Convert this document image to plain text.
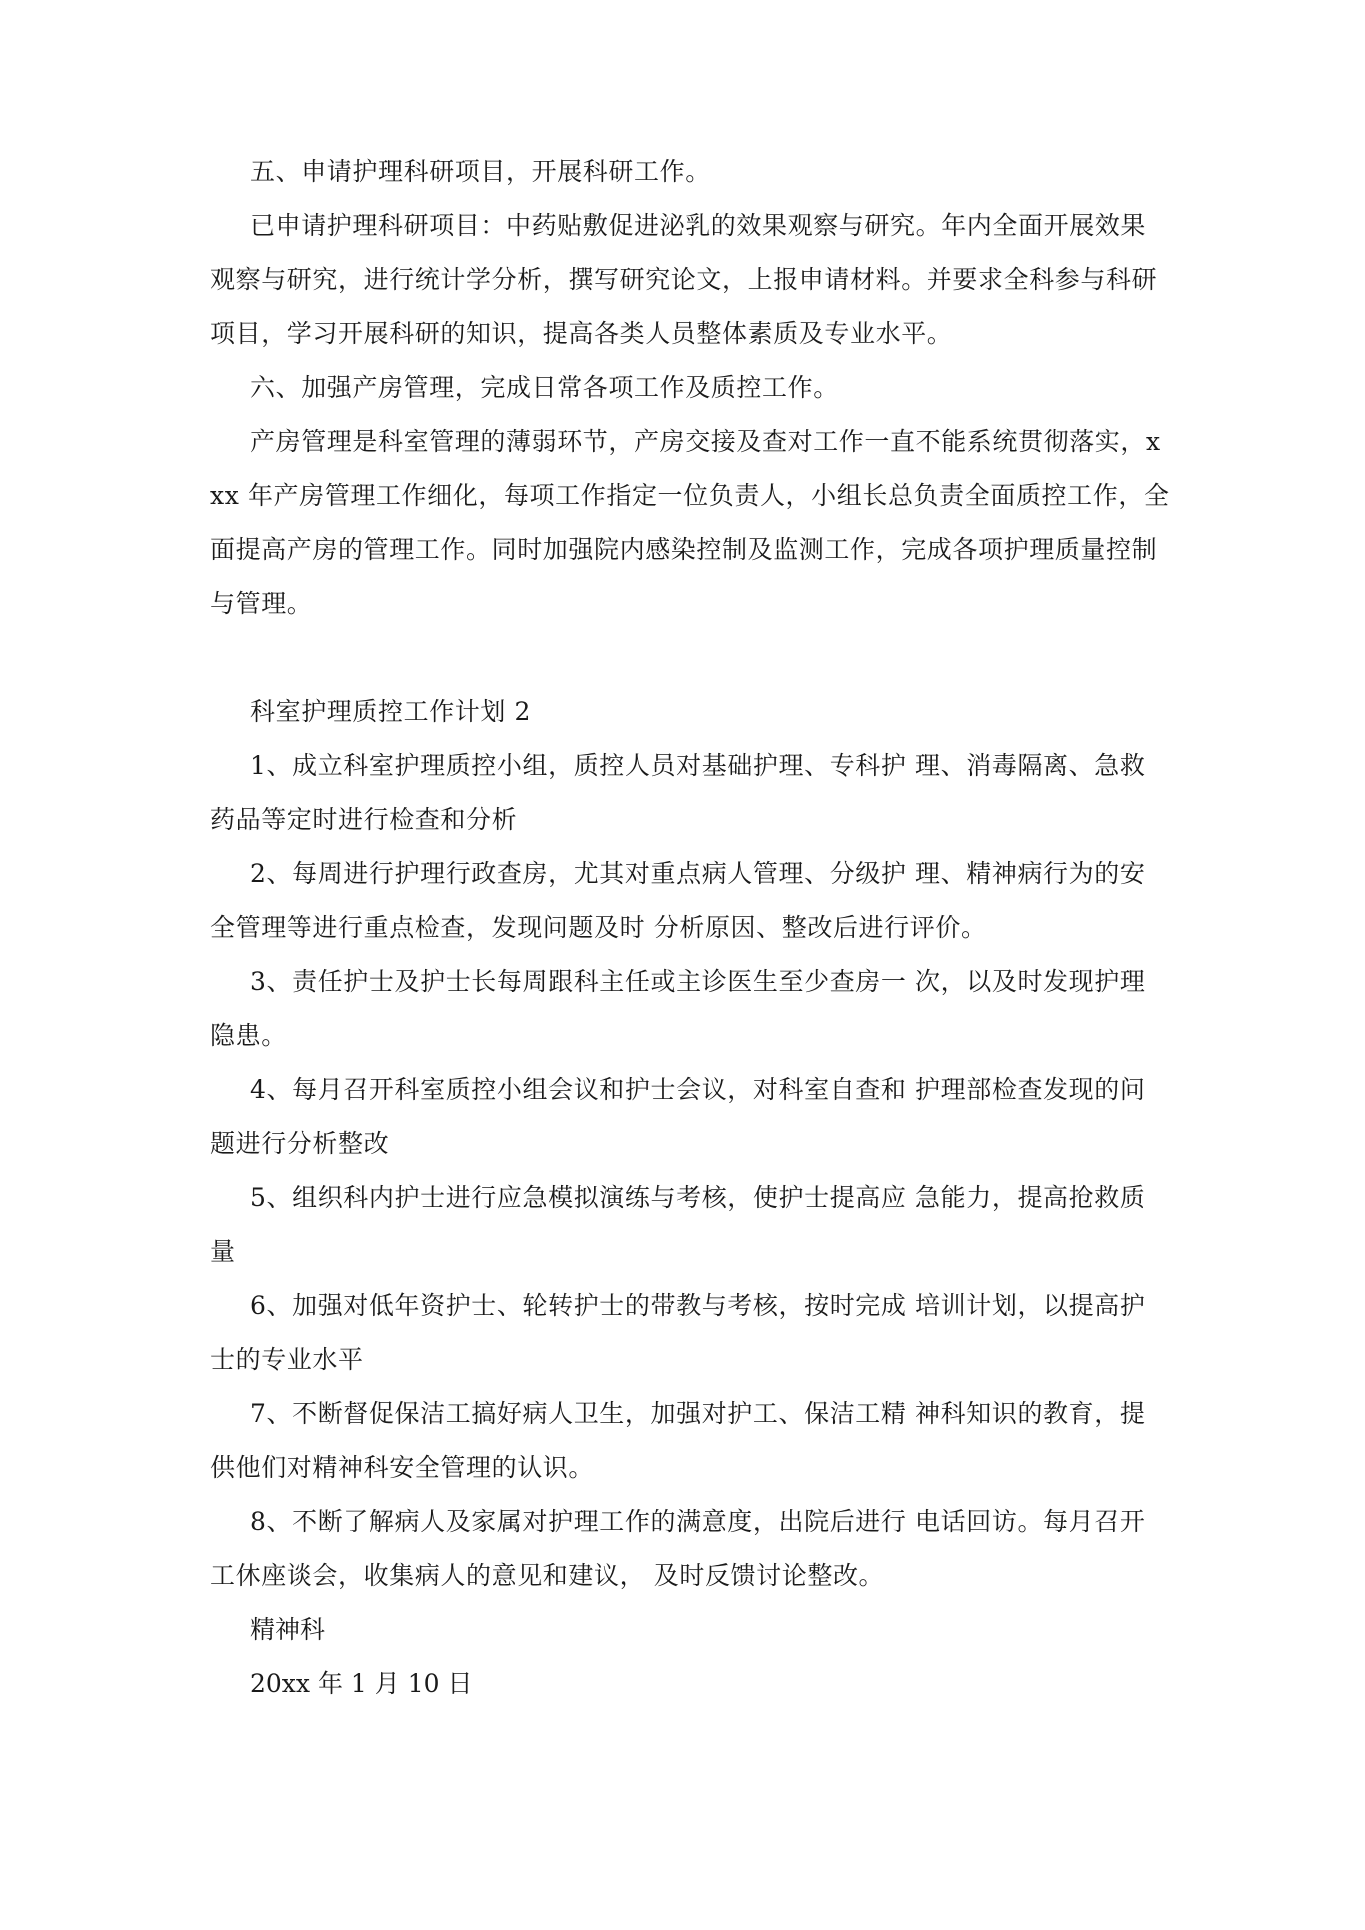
五、申请护理科研项目，开展科研工作。

已申请护理科研项目：中药贴敷促进泌乳的效果观察与研究。年内全面开展效果观察与研究，进行统计学分析，撰写研究论文，上报申请材料。并要求全科参与科研项目，学习开展科研的知识，提高各类人员整体素质及专业水平。

六、加强产房管理，完成日常各项工作及质控工作。

产房管理是科室管理的薄弱环节，产房交接及查对工作一直不能系统贯彻落实，xxx 年产房管理工作细化，每项工作指定一位负责人，小组长总负责全面质控工作，全面提高产房的管理工作。同时加强院内感染控制及监测工作，完成各项护理质量控制与管理。

科室护理质控工作计划 2

1、成立科室护理质控小组，质控人员对基础护理、专科护 理、消毒隔离、急救药品等定时进行检查和分析

2、每周进行护理行政查房，尤其对重点病人管理、分级护 理、精神病行为的安全管理等进行重点检查，发现问题及时 分析原因、整改后进行评价。

3、责任护士及护士长每周跟科主任或主诊医生至少查房一 次，以及时发现护理隐患。

4、每月召开科室质控小组会议和护士会议，对科室自查和 护理部检查发现的问题进行分析整改

5、组织科内护士进行应急模拟演练与考核，使护士提高应 急能力，提高抢救质量

6、加强对低年资护士、轮转护士的带教与考核，按时完成 培训计划，以提高护士的专业水平

7、不断督促保洁工搞好病人卫生，加强对护工、保洁工精 神科知识的教育，提供他们对精神科安全管理的认识。

8、不断了解病人及家属对护理工作的满意度，出院后进行 电话回访。每月召开工休座谈会，收集病人的意见和建议， 及时反馈讨论整改。

精神科

20xx 年 1 月 10 日
